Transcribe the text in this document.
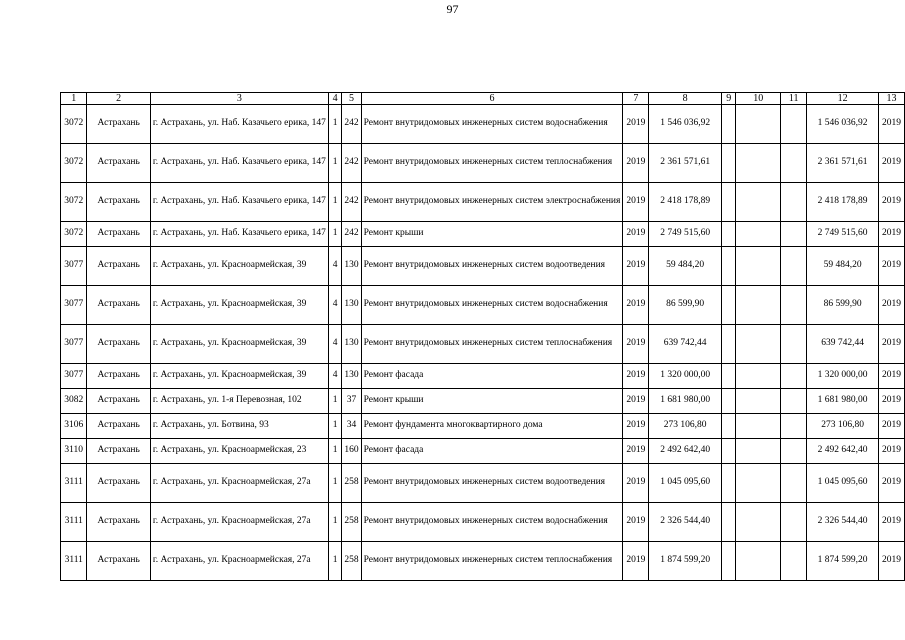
97
1	2	3	4	5	6	7	8	9	10	11	12	13
3072	Астрахань	г. Астрахань, ул. Наб. Казачьего ерика, 147	1	242	Ремонт внутридомовых инженерных систем водоснабжения	2019	1 546 036,92				1 546 036,92	2019
3072	Астрахань	г. Астрахань, ул. Наб. Казачьего ерика, 147	1	242	Ремонт внутридомовых инженерных систем теплоснабжения	2019	2 361 571,61				2 361 571,61	2019
3072	Астрахань	г. Астрахань, ул. Наб. Казачьего ерика, 147	1	242	Ремонт внутридомовых инженерных систем электроснабжения	2019	2 418 178,89				2 418 178,89	2019
3072	Астрахань	г. Астрахань, ул. Наб. Казачьего ерика, 147	1	242	Ремонт крыши	2019	2 749 515,60				2 749 515,60	2019
3077	Астрахань	г. Астрахань, ул. Красноармейская, 39	4	130	Ремонт внутридомовых инженерных систем водоотведения	2019	59 484,20				59 484,20	2019
3077	Астрахань	г. Астрахань, ул. Красноармейская, 39	4	130	Ремонт внутридомовых инженерных систем водоснабжения	2019	86 599,90				86 599,90	2019
3077	Астрахань	г. Астрахань, ул. Красноармейская, 39	4	130	Ремонт внутридомовых инженерных систем теплоснабжения	2019	639 742,44				639 742,44	2019
3077	Астрахань	г. Астрахань, ул. Красноармейская, 39	4	130	Ремонт фасада	2019	1 320 000,00				1 320 000,00	2019
3082	Астрахань	г. Астрахань, ул. 1-я Перевозная, 102	1	37	Ремонт крыши	2019	1 681 980,00				1 681 980,00	2019
3106	Астрахань	г. Астрахань, ул. Ботвина, 93	1	34	Ремонт фундамента многоквартирного дома	2019	273 106,80				273 106,80	2019
3110	Астрахань	г. Астрахань, ул. Красноармейская, 23	1	160	Ремонт фасада	2019	2 492 642,40				2 492 642,40	2019
3111	Астрахань	г. Астрахань, ул. Красноармейская, 27а	1	258	Ремонт внутридомовых инженерных систем водоотведения	2019	1 045 095,60				1 045 095,60	2019
3111	Астрахань	г. Астрахань, ул. Красноармейская, 27а	1	258	Ремонт внутридомовых инженерных систем водоснабжения	2019	2 326 544,40				2 326 544,40	2019
3111	Астрахань	г. Астрахань, ул. Красноармейская, 27а	1	258	Ремонт внутридомовых инженерных систем теплоснабжения	2019	1 874 599,20				1 874 599,20	2019
